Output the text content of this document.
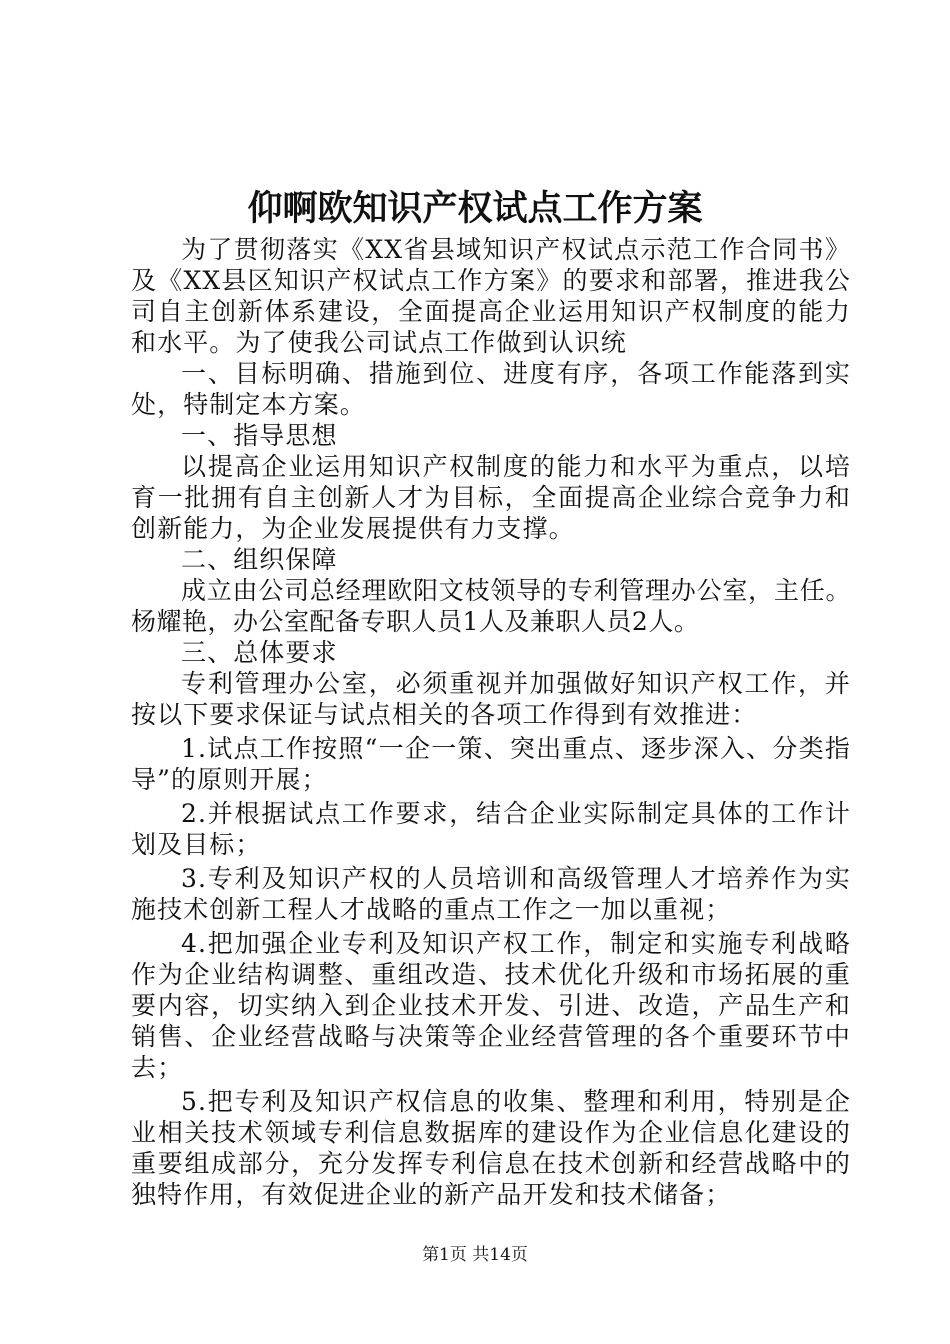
仰啊欧知识产权试点工作方案

为了贯彻落实《XX省县域知识产权试点示范工作合同书》及《XX县区知识产权试点工作方案》的要求和部署，推进我公司自主创新体系建设，全面提高企业运用知识产权制度的能力和水平。为了使我公司试点工作做到认识统

一、目标明确、措施到位、进度有序，各项工作能落到实处，特制定本方案。

一、指导思想

以提高企业运用知识产权制度的能力和水平为重点，以培育一批拥有自主创新人才为目标，全面提高企业综合竞争力和创新能力，为企业发展提供有力支撑。

二、组织保障

成立由公司总经理欧阳文枝领导的专利管理办公室，主任。杨耀艳，办公室配备专职人员1人及兼职人员2人。

三、总体要求

专利管理办公室，必须重视并加强做好知识产权工作，并按以下要求保证与试点相关的各项工作得到有效推进：

1.试点工作按照“一企一策、突出重点、逐步深入、分类指导”的原则开展；

2.并根据试点工作要求，结合企业实际制定具体的工作计划及目标；

3.专利及知识产权的人员培训和高级管理人才培养作为实施技术创新工程人才战略的重点工作之一加以重视；

4.把加强企业专利及知识产权工作，制定和实施专利战略作为企业结构调整、重组改造、技术优化升级和市场拓展的重要内容，切实纳入到企业技术开发、引进、改造，产品生产和销售、企业经营战略与决策等企业经营管理的各个重要环节中去；

5.把专利及知识产权信息的收集、整理和利用，特别是企业相关技术领域专利信息数据库的建设作为企业信息化建设的重要组成部分，充分发挥专利信息在技术创新和经营战略中的独特作用，有效促进企业的新产品开发和技术储备；

第1页 共14页
